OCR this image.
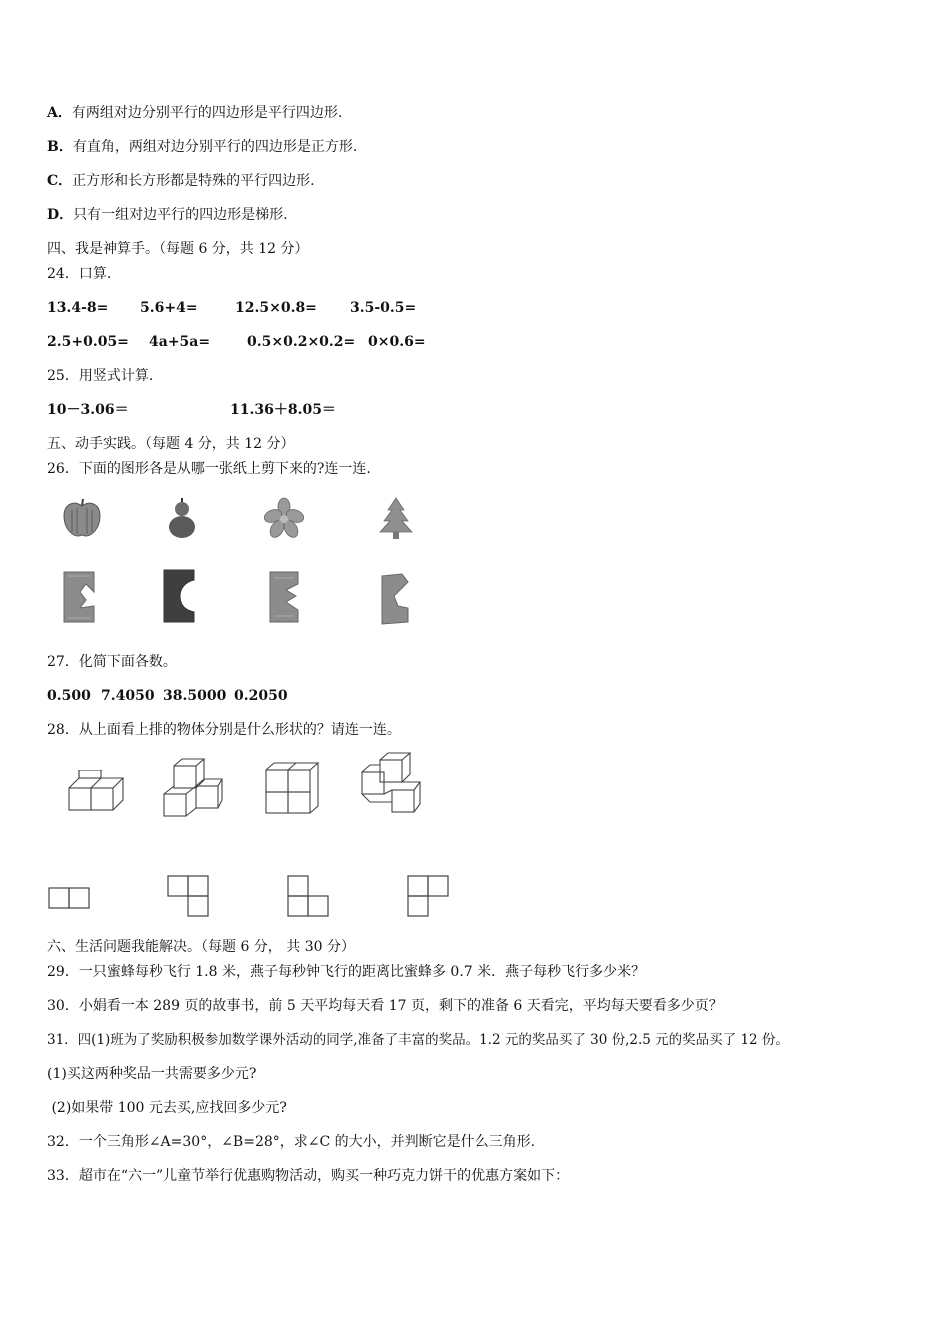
A．有两组对边分别平行的四边形是平行四边形.
B．有直角，两组对边分别平行的四边形是正方形.
C．正方形和长方形都是特殊的平行四边形.
D．只有一组对边平行的四边形是梯形.
四、我是神算手。（每题 6 分，共 12 分）
24．口算.
13.4-8= 5.6+4=	12.5×0.8= 3.5-0.5=
2.5+0.05= 4a+5a=	0.5×0.2×0.2= 0×0.6=
25．用竖式计算.
10－3.06＝	11.36＋8.05＝
五、动手实践。（每题 4 分，共 12 分）
26．下面的图形各是从哪一张纸上剪下来的?连一连.
27．化简下面各数。
0.500 7.4050 38.5000 0.2050
28．从上面看上排的物体分别是什么形状的？请连一连。
六、生活问题我能解决。（每题 6 分， 共 30 分）
29．一只蜜蜂每秒飞行 1.8 米，燕子每秒钟飞行的距离比蜜蜂多 0.7 米．燕子每秒飞行多少米？
30．小娟看一本 289 页的故事书，前 5 天平均每天看 17 页，剩下的准备 6 天看完，平均每天要看多少页？
31．四(1)班为了奖励积极参加数学课外活动的同学,准备了丰富的奖品。1.2 元的奖品买了 30 份,2.5 元的奖品买了 12 份。
(1)买这两种奖品一共需要多少元?
(2)如果带 100 元去买,应找回多少元?
32．一个三角形∠A=30°，∠B=28°，求∠C 的大小，并判断它是什么三角形.
33．超市在“六一”儿童节举行优惠购物活动，购买一种巧克力饼干的优惠方案如下：
